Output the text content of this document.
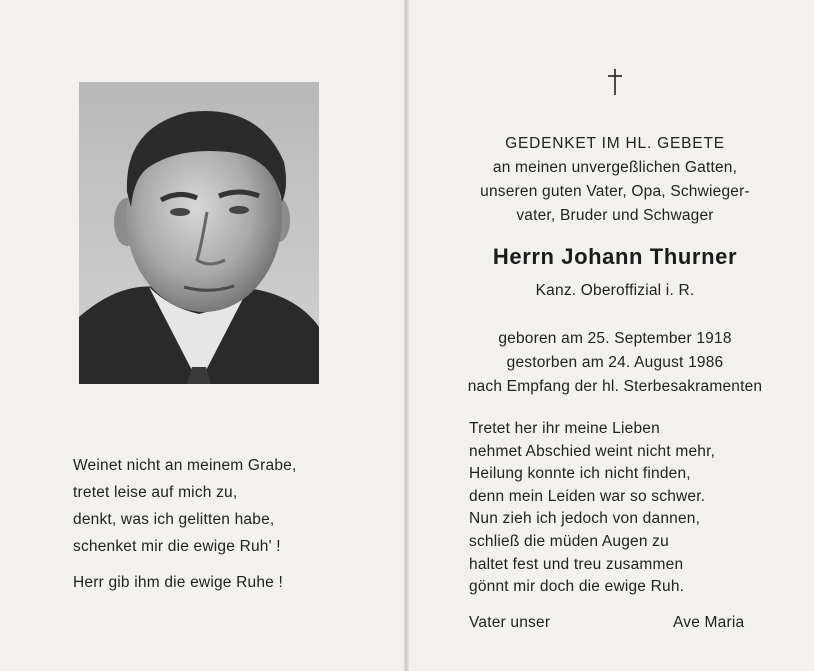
Weinet nicht an meinem Grabe,
tretet leise auf mich zu,
denkt, was ich gelitten habe,
schenket mir die ewige Ruh' !
Herr gib ihm die ewige Ruhe !
GEDENKET IM HL. GEBETE
an meinen unvergeßlichen Gatten,
unseren guten Vater, Opa, Schwieger-
vater, Bruder und Schwager
Herrn Johann Thurner
Kanz. Oberoffizial i. R.
geboren am 25. September 1918
gestorben am 24. August 1986
nach Empfang der hl. Sterbesakramenten
Tretet her ihr meine Lieben
nehmet Abschied weint nicht mehr,
Heilung konnte ich nicht finden,
denn mein Leiden war so schwer.
Nun zieh ich jedoch von dannen,
schließ die müden Augen zu
haltet fest und treu zusammen
gönnt mir doch die ewige Ruh.
Vater unser	Ave Maria
